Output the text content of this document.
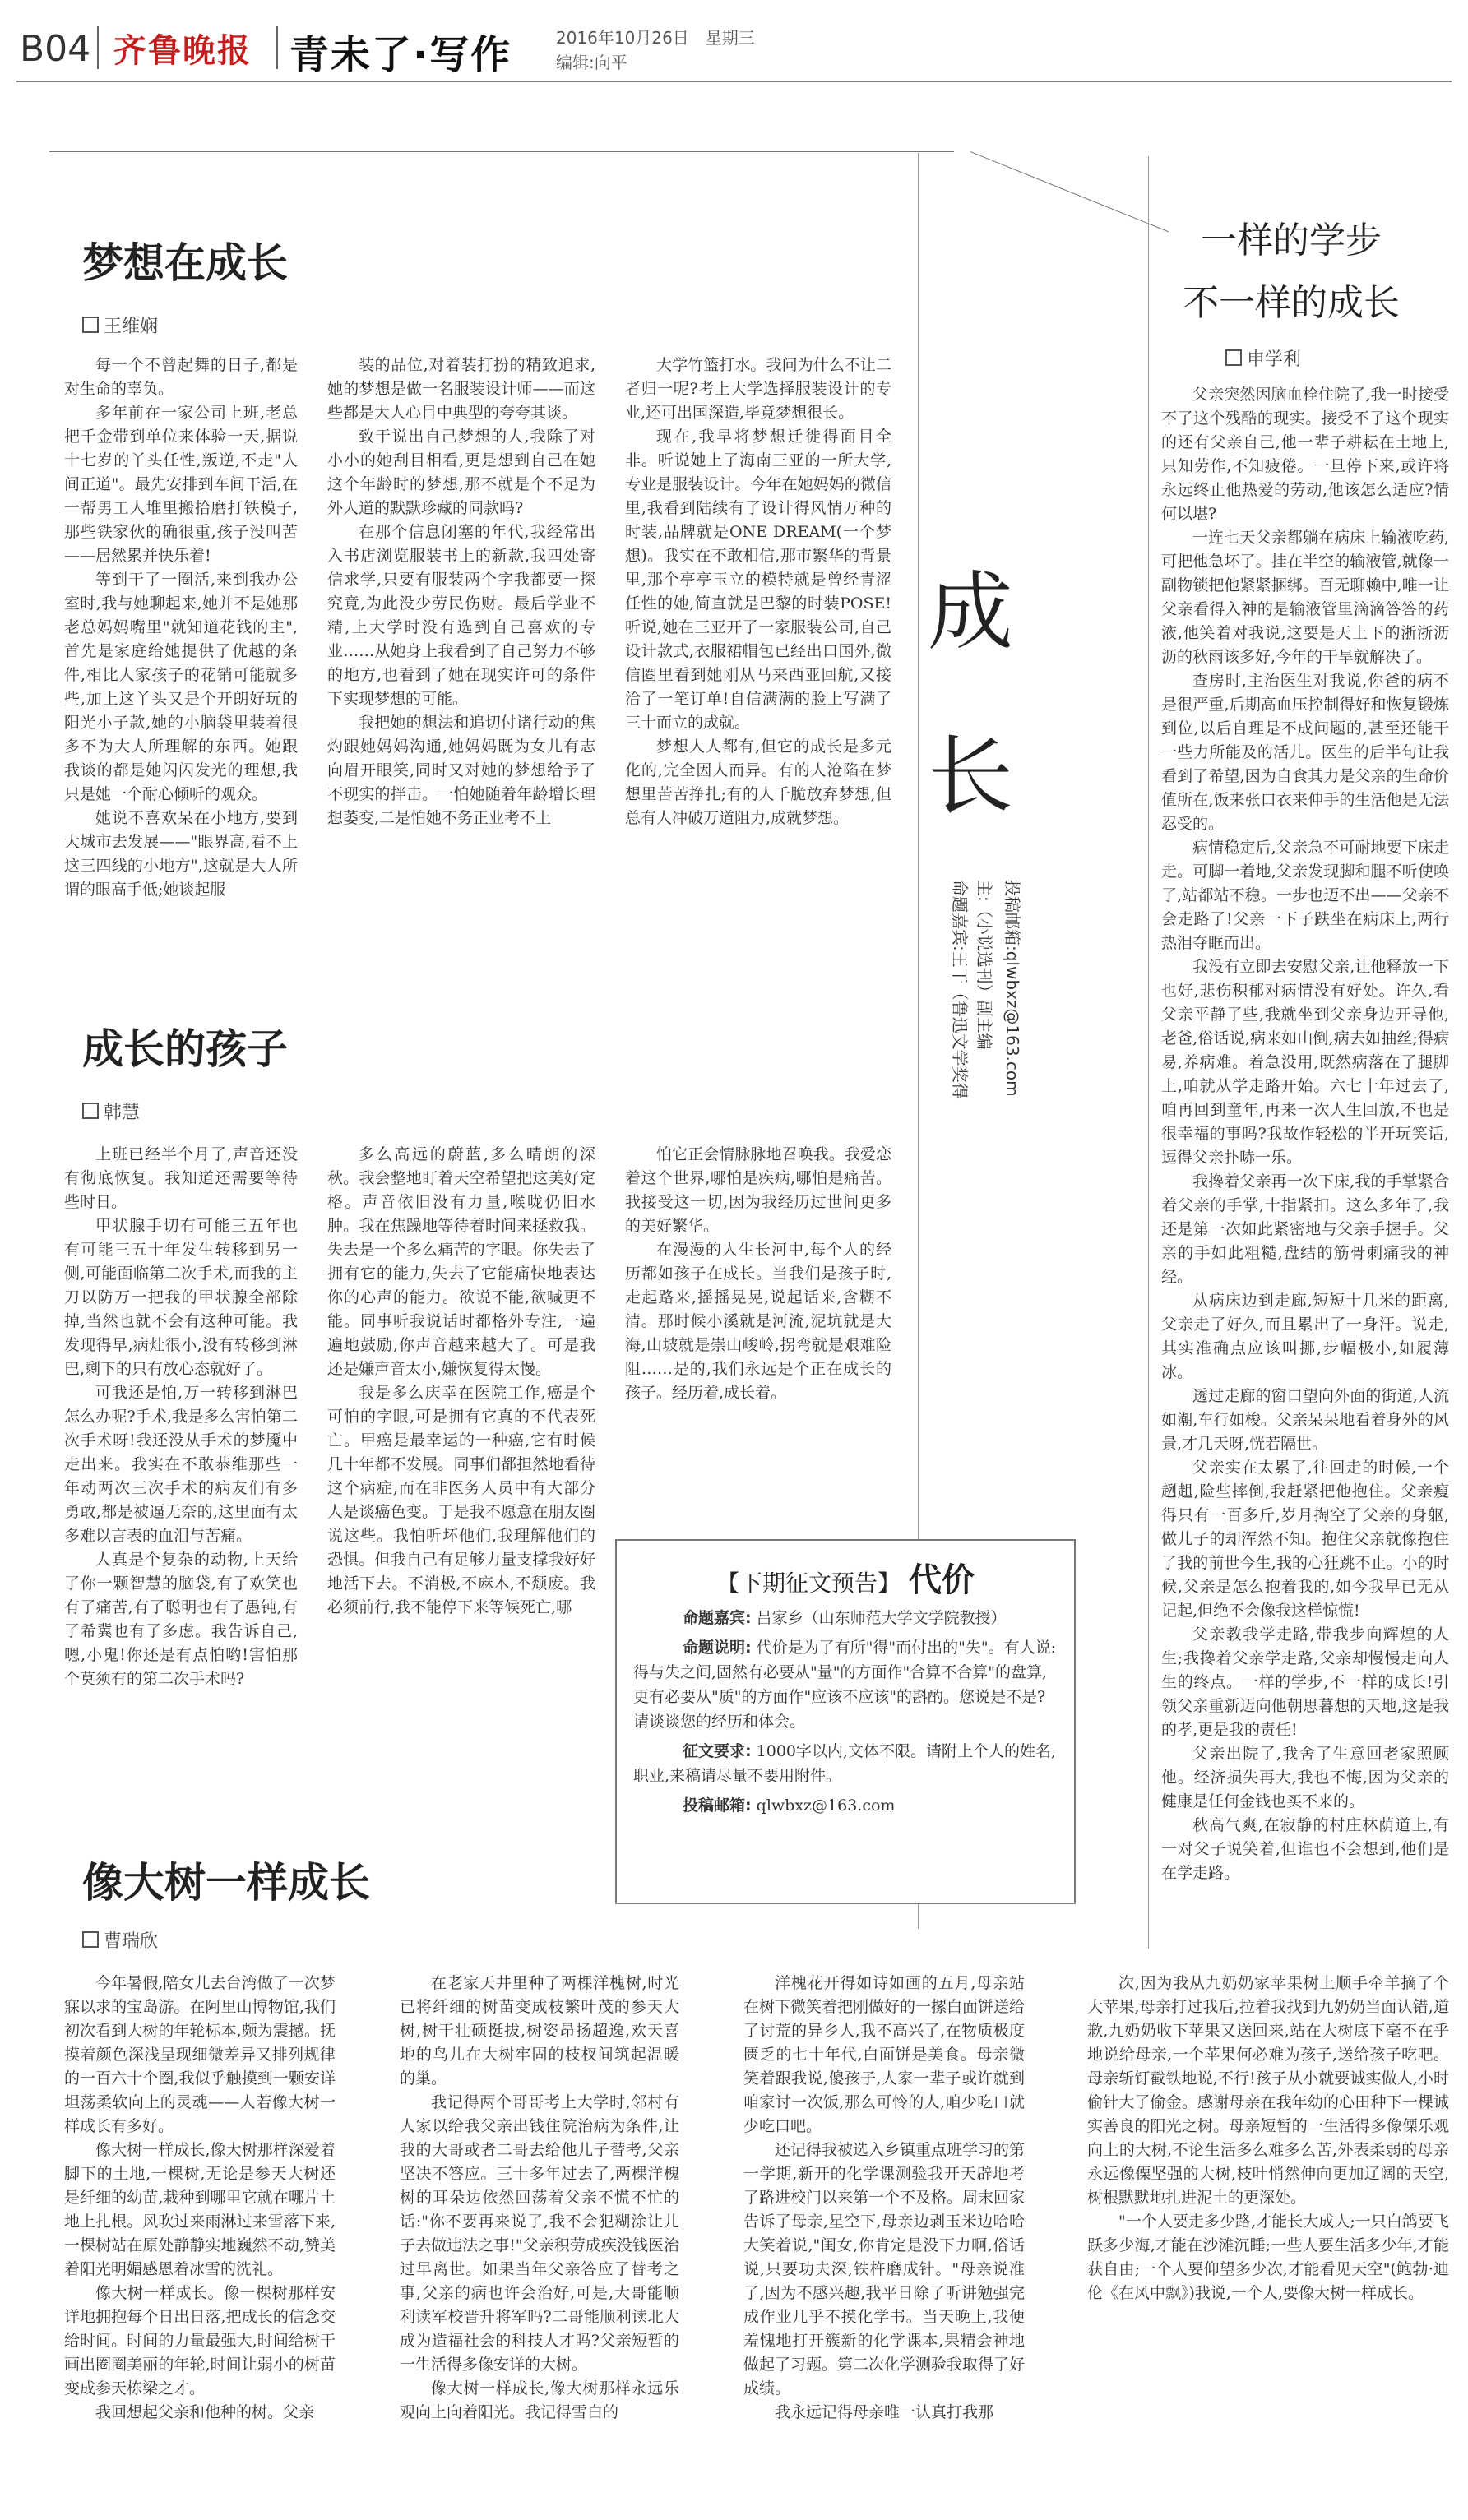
B04 齐鲁晚报 青未了·写作	2016年10月26日　星期三
编辑:向平
梦想在成长
王维娴

每一个不曾起舞的日子,都是对生命的辜负。

多年前在一家公司上班,老总把千金带到单位来体验一天,据说十七岁的丫头任性,叛逆,不走"人间正道"。最先安排到车间干活,在一帮男工人堆里搬拾磨打铁模子,那些铁家伙的确很重,孩子没叫苦——居然累并快乐着!

等到干了一圈活,来到我办公室时,我与她聊起来,她并不是她那老总妈妈嘴里"就知道花钱的主",首先是家庭给她提供了优越的条件,相比人家孩子的花销可能就多些,加上这丫头又是个开朗好玩的阳光小子款,她的小脑袋里装着很多不为大人所理解的东西。她跟我谈的都是她闪闪发光的理想,我只是她一个耐心倾听的观众。

她说不喜欢呆在小地方,要到大城市去发展——"眼界高,看不上这三四线的小地方",这就是大人所谓的眼高手低;她谈起服

装的品位,对着装打扮的精致追求,她的梦想是做一名服装设计师——而这些都是大人心目中典型的夸夸其谈。

致于说出自己梦想的人,我除了对小小的她刮目相看,更是想到自己在她这个年龄时的梦想,那不就是个不足为外人道的默默珍藏的同款吗?

在那个信息闭塞的年代,我经常出入书店浏览服装书上的新款,我四处寄信求学,只要有服装两个字我都要一探究竟,为此没少劳民伤财。最后学业不精,上大学时没有选到自己喜欢的专业……从她身上我看到了自己努力不够的地方,也看到了她在现实许可的条件下实现梦想的可能。

我把她的想法和追切付诸行动的焦灼跟她妈妈沟通,她妈妈既为女儿有志向眉开眼笑,同时又对她的梦想给予了不现实的拌击。一怕她随着年龄增长理想萎变,二是怕她不务正业考不上

大学竹篮打水。我问为什么不让二者归一呢?考上大学选择服装设计的专业,还可出国深造,毕竟梦想很长。

现在,我早将梦想迁徙得面目全非。听说她上了海南三亚的一所大学,专业是服装设计。今年在她妈妈的微信里,我看到陆续有了设计得风情万种的时装,品牌就是ONE DREAM(一个梦想)。我实在不敢相信,那市繁华的背景里,那个亭亭玉立的模特就是曾经青涩任性的她,简直就是巴黎的时装POSE!听说,她在三亚开了一家服装公司,自己设计款式,衣服裙帽包已经出口国外,微信圈里看到她刚从马来西亚回航,又接洽了一笔订单!自信满满的脸上写满了三十而立的成就。

梦想人人都有,但它的成长是多元化的,完全因人而异。有的人沧陷在梦想里苦苦挣扎;有的人千脆放弃梦想,但总有人冲破万道阻力,成就梦想。

成
长
投稿邮箱:qlwbxz@163.com
主:（小说选刊）副主编
命题嘉宾:王干（鲁迅文学奖得
一样的学步
不一样的成长
申学利

父亲突然因脑血栓住院了,我一时接受不了这个残酷的现实。接受不了这个现实的还有父亲自己,他一辈子耕耘在土地上,只知劳作,不知疲倦。一旦停下来,或许将永远终止他热爱的劳动,他该怎么适应?情何以堪?

一连七天父亲都躺在病床上输液吃药,可把他急坏了。挂在半空的输液管,就像一副物锁把他紧紧捆绑。百无聊赖中,唯一让父亲看得入神的是输液管里滴滴答答的药液,他笑着对我说,这要是天上下的浙浙沥沥的秋雨该多好,今年的干旱就解决了。

查房时,主治医生对我说,你爸的病不是很严重,后期高血压控制得好和恢复锻炼到位,以后自理是不成问题的,甚至还能干一些力所能及的活儿。医生的后半句让我看到了希望,因为自食其力是父亲的生命价值所在,饭来张口衣来伸手的生活他是无法忍受的。

病情稳定后,父亲急不可耐地要下床走走。可脚一着地,父亲发现脚和腿不听使唤了,站都站不稳。一步也迈不出——父亲不会走路了!父亲一下子跌坐在病床上,两行热泪夺眶而出。

我没有立即去安慰父亲,让他释放一下也好,悲伤积郁对病情没有好处。许久,看父亲平静了些,我就坐到父亲身边开导他,老爸,俗话说,病来如山倒,病去如抽丝;得病易,养病难。着急没用,既然病落在了腿脚上,咱就从学走路开始。六七十年过去了,咱再回到童年,再来一次人生回放,不也是很幸福的事吗?我故作轻松的半开玩笑话,逗得父亲扑哧一乐。

我搀着父亲再一次下床,我的手掌紧合着父亲的手掌,十指紧扣。这么多年了,我还是第一次如此紧密地与父亲手握手。父亲的手如此粗糙,盘结的筋骨刺痛我的神经。

从病床边到走廊,短短十几米的距离,父亲走了好久,而且累出了一身汗。说走,其实准确点应该叫挪,步幅极小,如履薄冰。

透过走廊的窗口望向外面的街道,人流如潮,车行如梭。父亲呆呆地看着身外的风景,才几天呀,恍若隔世。

父亲实在太累了,往回走的时候,一个趔趄,险些摔倒,我赶紧把他抱住。父亲瘦得只有一百多斤,岁月掏空了父亲的身躯,做儿子的却浑然不知。抱住父亲就像抱住了我的前世今生,我的心狂跳不止。小的时候,父亲是怎么抱着我的,如今我早已无从记起,但绝不会像我这样惊慌!

父亲教我学走路,带我步向辉煌的人生;我搀着父亲学走路,父亲却慢慢走向人生的终点。一样的学步,不一样的成长!引领父亲重新迈向他朝思暮想的天地,这是我的孝,更是我的责任!

父亲出院了,我舍了生意回老家照顾他。经济损失再大,我也不悔,因为父亲的健康是任何金钱也买不来的。

秋高气爽,在寂静的村庄林荫道上,有一对父子说笑着,但谁也不会想到,他们是在学走路。

成长的孩子
韩慧

上班已经半个月了,声音还没有彻底恢复。我知道还需要等待些时日。

甲状腺手切有可能三五年也有可能三五十年发生转移到另一侧,可能面临第二次手术,而我的主刀以防万一把我的甲状腺全部除掉,当然也就不会有这种可能。我发现得早,病灶很小,没有转移到淋巴,剩下的只有放心态就好了。

可我还是怕,万一转移到淋巴怎么办呢?手术,我是多么害怕第二次手术呀!我还没从手术的梦魇中走出来。我实在不敢恭维那些一年动两次三次手术的病友们有多勇敢,都是被逼无奈的,这里面有太多难以言表的血泪与苦痛。

人真是个复杂的动物,上天给了你一颗智慧的脑袋,有了欢笑也有了痛苦,有了聪明也有了愚钝,有了希冀也有了多虑。我告诉自己,嗯,小鬼!你还是有点怕哟!害怕那个莫须有的第二次手术吗?

多么高远的蔚蓝,多么晴朗的深秋。我会整地盯着天空希望把这美好定格。声音依旧没有力量,喉咙仍旧水肿。我在焦躁地等待着时间来拯救我。失去是一个多么痛苦的字眼。你失去了拥有它的能力,失去了它能痛快地表达你的心声的能力。欲说不能,欲喊更不能。同事听我说话时都格外专注,一遍遍地鼓励,你声音越来越大了。可是我还是嫌声音太小,嫌恢复得太慢。

我是多么庆幸在医院工作,癌是个可怕的字眼,可是拥有它真的不代表死亡。甲癌是最幸运的一种癌,它有时候几十年都不发展。同事们都担然地看待这个病症,而在非医务人员中有大部分人是谈癌色变。于是我不愿意在朋友圈说这些。我怕听坏他们,我理解他们的恐惧。但我自己有足够力量支撑我好好地活下去。不消极,不麻木,不颓废。我必须前行,我不能停下来等候死亡,哪

怕它正会情脉脉地召唤我。我爱恋着这个世界,哪怕是疾病,哪怕是痛苦。我接受这一切,因为我经历过世间更多的美好繁华。

在漫漫的人生长河中,每个人的经历都如孩子在成长。当我们是孩子时,走起路来,摇摇晃晃,说起话来,含糊不清。那时候小溪就是河流,泥坑就是大海,山坡就是崇山峻岭,拐弯就是艰难险阻……是的,我们永远是个正在成长的孩子。经历着,成长着。

【下期征文预告】 代价
命题嘉宾: 吕家乡（山东师范大学文学院教授）
命题说明: 代价是为了有所"得"而付出的"失"。有人说:得与失之间,固然有必要从"量"的方面作"合算不合算"的盘算,更有必要从"质"的方面作"应该不应该"的斟酌。您说是不是?请谈谈您的经历和体会。
征文要求: 1000字以内,文体不限。请附上个人的姓名,职业,来稿请尽量不要用附件。
投稿邮箱: qlwbxz@163.com
像大树一样成长
曹瑞欣

今年暑假,陪女儿去台湾做了一次梦寐以求的宝岛游。在阿里山博物馆,我们初次看到大树的年轮标本,颇为震撼。抚摸着颜色深浅呈现细微差异又排列规律的一百六十个圈,我似乎触摸到一颗安详坦荡柔软向上的灵魂——人若像大树一样成长有多好。

像大树一样成长,像大树那样深爱着脚下的土地,一棵树,无论是参天大树还是纤细的幼苗,栽种到哪里它就在哪片土地上扎根。风吹过来雨淋过来雪落下来,一棵树站在原处静静实地巍然不动,赞美着阳光明媚感恩着冰雪的洗礼。

像大树一样成长。像一棵树那样安详地拥抱每个日出日落,把成长的信念交给时间。时间的力量最强大,时间给树干画出圈圈美丽的年轮,时间让弱小的树苗变成参天栋梁之才。

我回想起父亲和他种的树。父亲

在老家天井里种了两棵洋槐树,时光已将纤细的树苗变成枝繁叶茂的参天大树,树干壮硕挺拔,树姿昂扬超逸,欢天喜地的鸟儿在大树牢固的枝杈间筑起温暖的巢。

我记得两个哥哥考上大学时,邻村有人家以给我父亲出钱住院治病为条件,让我的大哥或者二哥去给他儿子替考,父亲坚决不答应。三十多年过去了,两棵洋槐树的耳朵边依然回荡着父亲不慌不忙的话:"你不要再来说了,我不会犯糊涂让儿子去做违法之事!"父亲积劳成疾没钱医治过早离世。如果当年父亲答应了替考之事,父亲的病也许会治好,可是,大哥能顺利读军校晋升将军吗?二哥能顺利读北大成为造福社会的科技人才吗?父亲短暂的一生活得多像安详的大树。

像大树一样成长,像大树那样永远乐观向上向着阳光。我记得雪白的

洋槐花开得如诗如画的五月,母亲站在树下微笑着把刚做好的一摞白面饼送给了讨荒的异乡人,我不高兴了,在物质极度匮乏的七十年代,白面饼是美食。母亲微笑着跟我说,傻孩子,人家一辈子或许就到咱家讨一次饭,那么可怜的人,咱少吃口就少吃口吧。

还记得我被选入乡镇重点班学习的第一学期,新开的化学课测验我开天辟地考了路进校门以来第一个不及格。周末回家告诉了母亲,星空下,母亲边剥玉米边哈哈大笑着说,"闺女,你肯定是没下力啊,俗话说,只要功夫深,铁杵磨成针。"母亲说准了,因为不感兴趣,我平日除了听讲勉强完成作业几乎不摸化学书。当天晚上,我便羞愧地打开簇新的化学课本,果精会神地做起了习题。第二次化学测验我取得了好成绩。

我永远记得母亲唯一认真打我那

次,因为我从九奶奶家苹果树上顺手牵羊摘了个大苹果,母亲打过我后,拉着我找到九奶奶当面认错,道歉,九奶奶收下苹果又送回来,站在大树底下毫不在乎地说给母亲,一个苹果何必难为孩子,送给孩子吃吧。母亲斩钉截铁地说,不行!孩子从小就要诚实做人,小时偷针大了偷金。感谢母亲在我年幼的心田种下一棵诚实善良的阳光之树。母亲短暂的一生活得多像傈乐观向上的大树,不论生活多么难多么苦,外表柔弱的母亲永远像傈坚强的大树,枝叶悄然伸向更加辽阔的天空,树根默默地扎进泥土的更深处。

"一个人要走多少路,才能长大成人;一只白鸽要飞跃多少海,才能在沙滩沉睡;一些人要生活多少年,才能获自由;一个人要仰望多少次,才能看见天空"(鲍勃·迪伦《在风中飘》)我说,一个人,要像大树一样成长。
